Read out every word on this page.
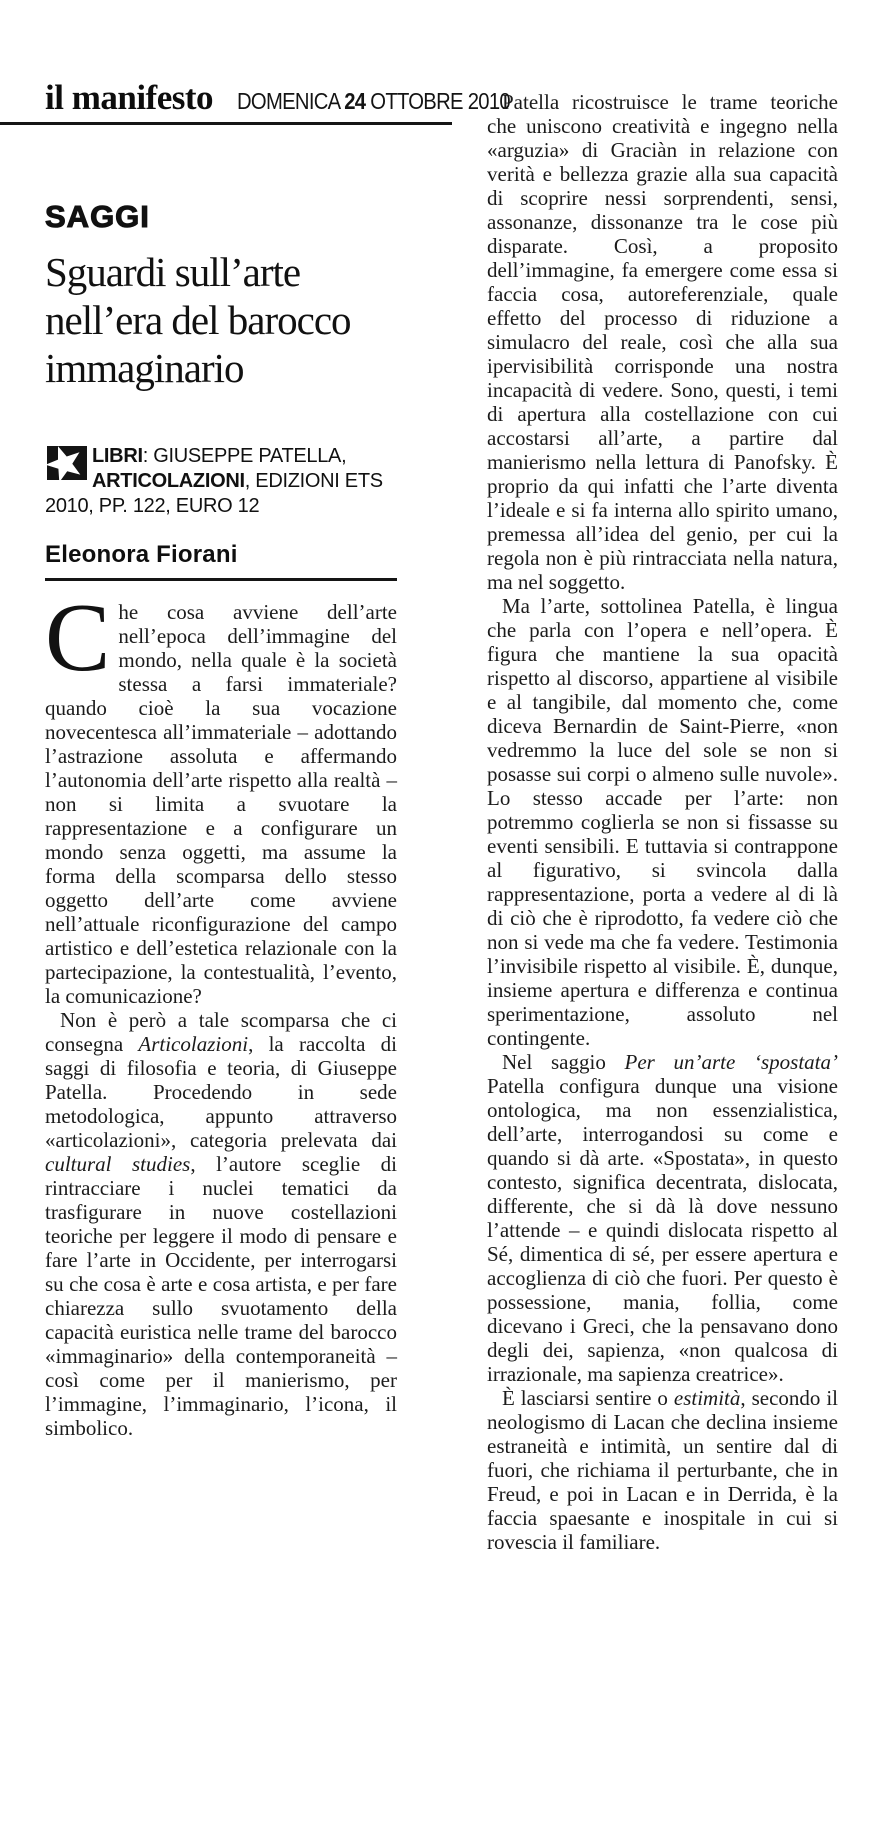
il manifesto DOMENICA 24 OTTOBRE 2010
SAGGI
Sguardi sull’arte
nell’era del barocco
immaginario
LIBRI: GIUSEPPE PATELLA, ARTICOLAZIONI, EDIZIONI ETS 2010, PP. 122, EURO 12
Eleonora Fiorani

Che cosa avviene dell’arte nell’epoca dell’immagine del mondo, nella quale è la società stessa a farsi immateriale? quando cioè la sua vocazione novecentesca all’immateriale – adottando l’astrazione assoluta e affermando l’autonomia dell’arte rispetto alla realtà – non si limita a svuotare la rappresentazione e a configurare un mondo senza oggetti, ma assume la forma della scomparsa dello stesso oggetto dell’arte come avviene nell’attuale riconfigurazione del campo artistico e dell’estetica relazionale con la partecipazione, la contestualità, l’evento, la comunicazione?

Non è però a tale scomparsa che ci consegna Articolazioni, la raccolta di saggi di filosofia e teoria, di Giuseppe Patella. Procedendo in sede metodologica, appunto attraverso «articolazioni», categoria prelevata dai cultural studies, l’autore sceglie di rintracciare i nuclei tematici da trasfigurare in nuove costellazioni teoriche per leggere il modo di pensare e fare l’arte in Occidente, per interrogarsi su che cosa è arte e cosa artista, e per fare chiarezza sullo svuotamento della capacità euristica nelle trame del barocco «immaginario» della contemporaneità – così come per il manierismo, per l’immagine, l’immaginario, l’icona, il simbolico.

Patella ricostruisce le trame teoriche che uniscono creatività e ingegno nella «arguzia» di Graciàn in relazione con verità e bellezza grazie alla sua capacità di scoprire nessi sorprendenti, sensi, assonanze, dissonanze tra le cose più disparate. Così, a proposito dell’immagine, fa emergere come essa si faccia cosa, autoreferenziale, quale effetto del processo di riduzione a simulacro del reale, così che alla sua ipervisibilità corrisponde una nostra incapacità di vedere. Sono, questi, i temi di apertura alla costellazione con cui accostarsi all’arte, a partire dal manierismo nella lettura di Panofsky. È proprio da qui infatti che l’arte diventa l’ideale e si fa interna allo spirito umano, premessa all’idea del genio, per cui la regola non è più rintracciata nella natura, ma nel soggetto.

Ma l’arte, sottolinea Patella, è lingua che parla con l’opera e nell’opera. È figura che mantiene la sua opacità rispetto al discorso, appartiene al visibile e al tangibile, dal momento che, come diceva Bernardin de Saint-Pierre, «non vedremmo la luce del sole se non si posasse sui corpi o almeno sulle nuvole». Lo stesso accade per l’arte: non potremmo coglierla se non si fissasse su eventi sensibili. E tuttavia si contrappone al figurativo, si svincola dalla rappresentazione, porta a vedere al di là di ciò che è riprodotto, fa vedere ciò che non si vede ma che fa vedere. Testimonia l’invisibile rispetto al visibile. È, dunque, insieme apertura e differenza e continua sperimentazione, assoluto nel contingente.

Nel saggio Per un’arte ‘spostata’ Patella configura dunque una visione ontologica, ma non essenzialistica, dell’arte, interrogandosi su come e quando si dà arte. «Spostata», in questo contesto, significa decentrata, dislocata, differente, che si dà là dove nessuno l’attende – e quindi dislocata rispetto al Sé, dimentica di sé, per essere apertura e accoglienza di ciò che fuori. Per questo è possessione, mania, follia, come dicevano i Greci, che la pensavano dono degli dei, sapienza, «non qualcosa di irrazionale, ma sapienza creatrice».

È lasciarsi sentire o estimità, secondo il neologismo di Lacan che declina insieme estraneità e intimità, un sentire dal di fuori, che richiama il perturbante, che in Freud, e poi in Lacan e in Derrida, è la faccia spaesante e inospitale in cui si rovescia il familiare.
